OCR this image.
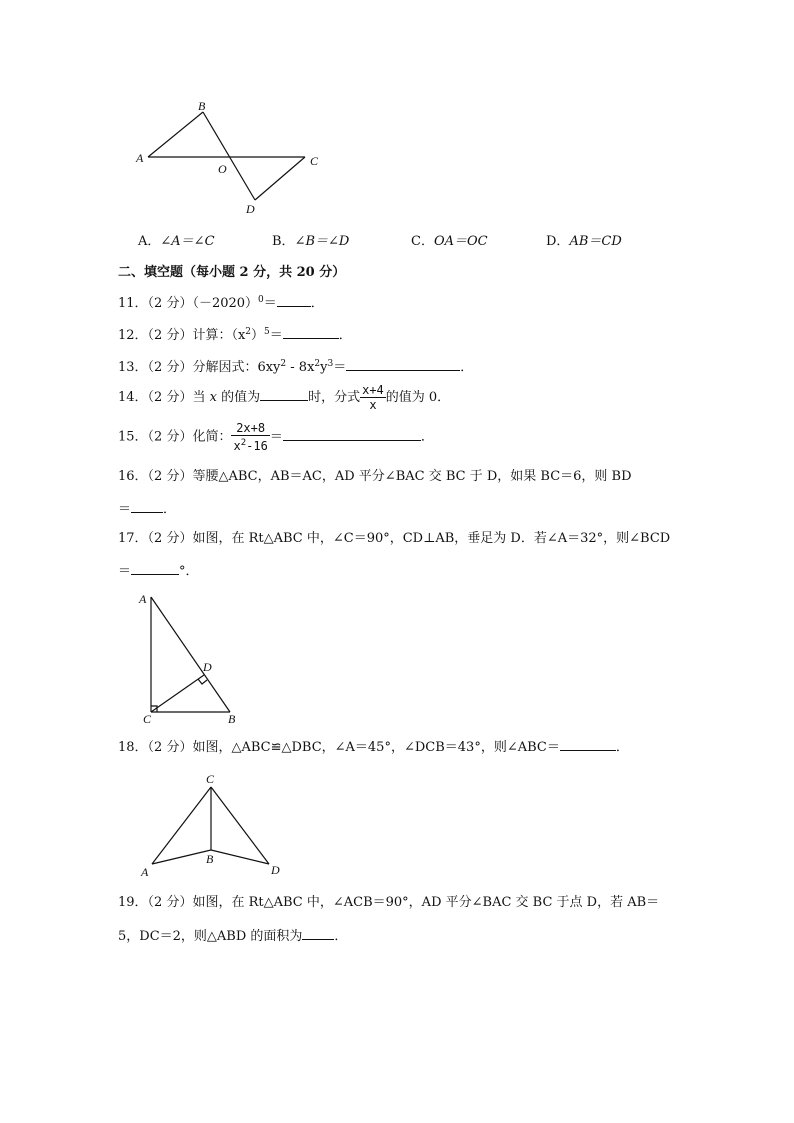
B
A
O
C
D
A．∠A＝∠C	B．∠B＝∠D	C．OA＝OC	D．AB＝CD
二、填空题（每小题 2 分，共 20 分）
11．（2 分）$(-2020)^0=$	．
12．（2 分）计算：$(x^2)^5=$	．
13．（2 分）分解因式：$6xy^2 - 8x^2y^3=$	．
14．（2 分）当 x 的值为	时，分式 $\frac{x+4}{x}$ 的值为 0．
15．（2 分）化简： $\frac{2x+8}{x^2-16}$ ＝	．
16．（2 分）等腰△ABC，AB＝AC，AD 平分∠BAC 交 BC 于 D，如果 BC＝6，则 BD
＝ ．
17．（2 分）如图，在 Rt△ABC 中，∠C＝90°，CD⊥AB，垂足为 D．若∠A＝32°，则∠BCD
＝	°．
A
D
C	B
18．（2 分）如图，△ABC≌△DBC，∠A＝45°，∠DCB＝43°，则∠ABC＝	．
C
B
A	D
19．（2 分）如图，在 Rt△ABC 中，∠ACB＝90°，AD 平分∠BAC 交 BC 于点 D，若 AB＝
5，DC＝2，则△ABD 的面积为 ．
